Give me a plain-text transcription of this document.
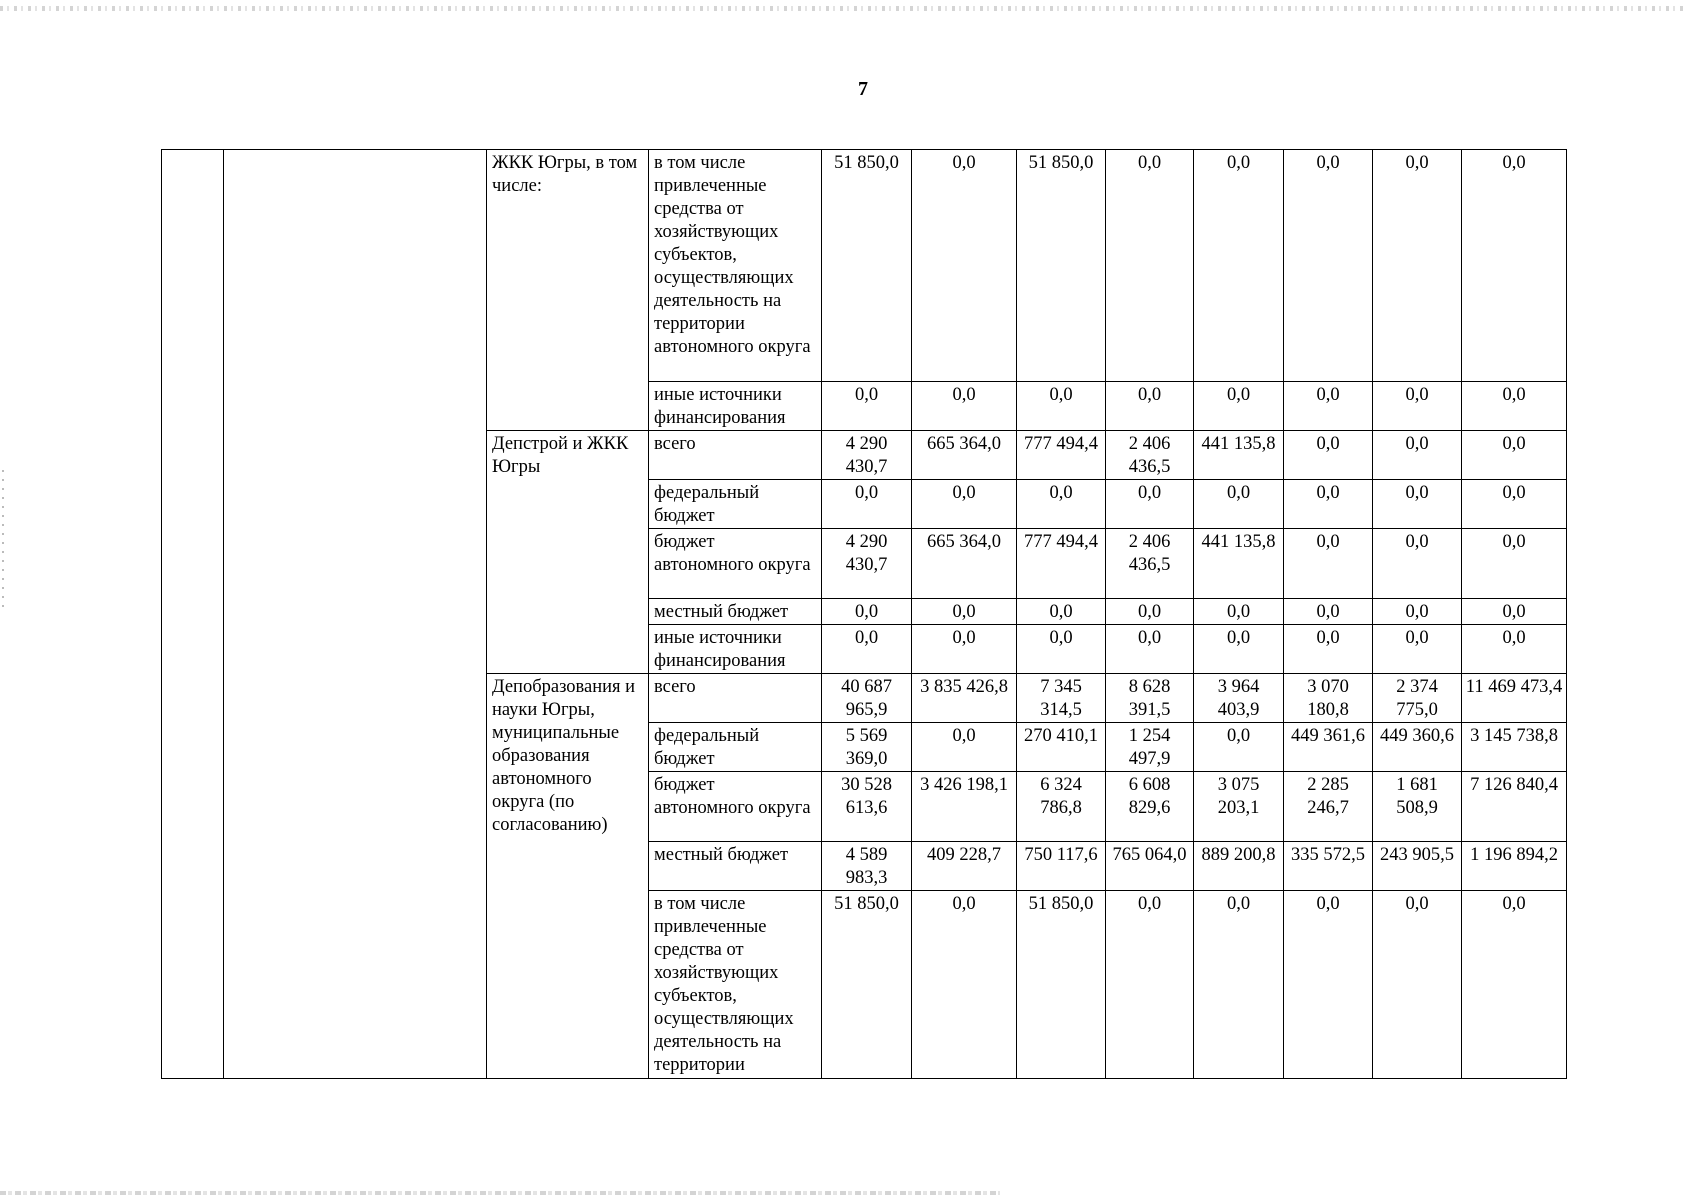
7
		ЖКК Югры, в том числе:	в том числе привлеченные средства от хозяйствующих субъектов, осуществляющих деятельность на территории автономного округа	51 850,0	0,0	51 850,0	0,0	0,0	0,0	0,0	0,0
			иные источники финансирования	0,0	0,0	0,0	0,0	0,0	0,0	0,0	0,0
		Депстрой и ЖКК Югры	всего	4 290 430,7	665 364,0	777 494,4	2 406 436,5	441 135,8	0,0	0,0	0,0
			федеральный бюджет	0,0	0,0	0,0	0,0	0,0	0,0	0,0	0,0
			бюджет автономного округа	4 290 430,7	665 364,0	777 494,4	2 406 436,5	441 135,8	0,0	0,0	0,0
			местный бюджет	0,0	0,0	0,0	0,0	0,0	0,0	0,0	0,0
			иные источники финансирования	0,0	0,0	0,0	0,0	0,0	0,0	0,0	0,0
		Депобразования и науки Югры, муниципальные образования автономного округа (по согласованию)	всего	40 687 965,9	3 835 426,8	7 345 314,5	8 628 391,5	3 964 403,9	3 070 180,8	2 374 775,0	11 469 473,4
			федеральный бюджет	5 569 369,0	0,0	270 410,1	1 254 497,9	0,0	449 361,6	449 360,6	3 145 738,8
			бюджет автономного округа	30 528 613,6	3 426 198,1	6 324 786,8	6 608 829,6	3 075 203,1	2 285 246,7	1 681 508,9	7 126 840,4
			местный бюджет	4 589 983,3	409 228,7	750 117,6	765 064,0	889 200,8	335 572,5	243 905,5	1 196 894,2
			в том числе привлеченные средства от хозяйствующих субъектов, осуществляющих деятельность на территории	51 850,0	0,0	51 850,0	0,0	0,0	0,0	0,0	0,0
